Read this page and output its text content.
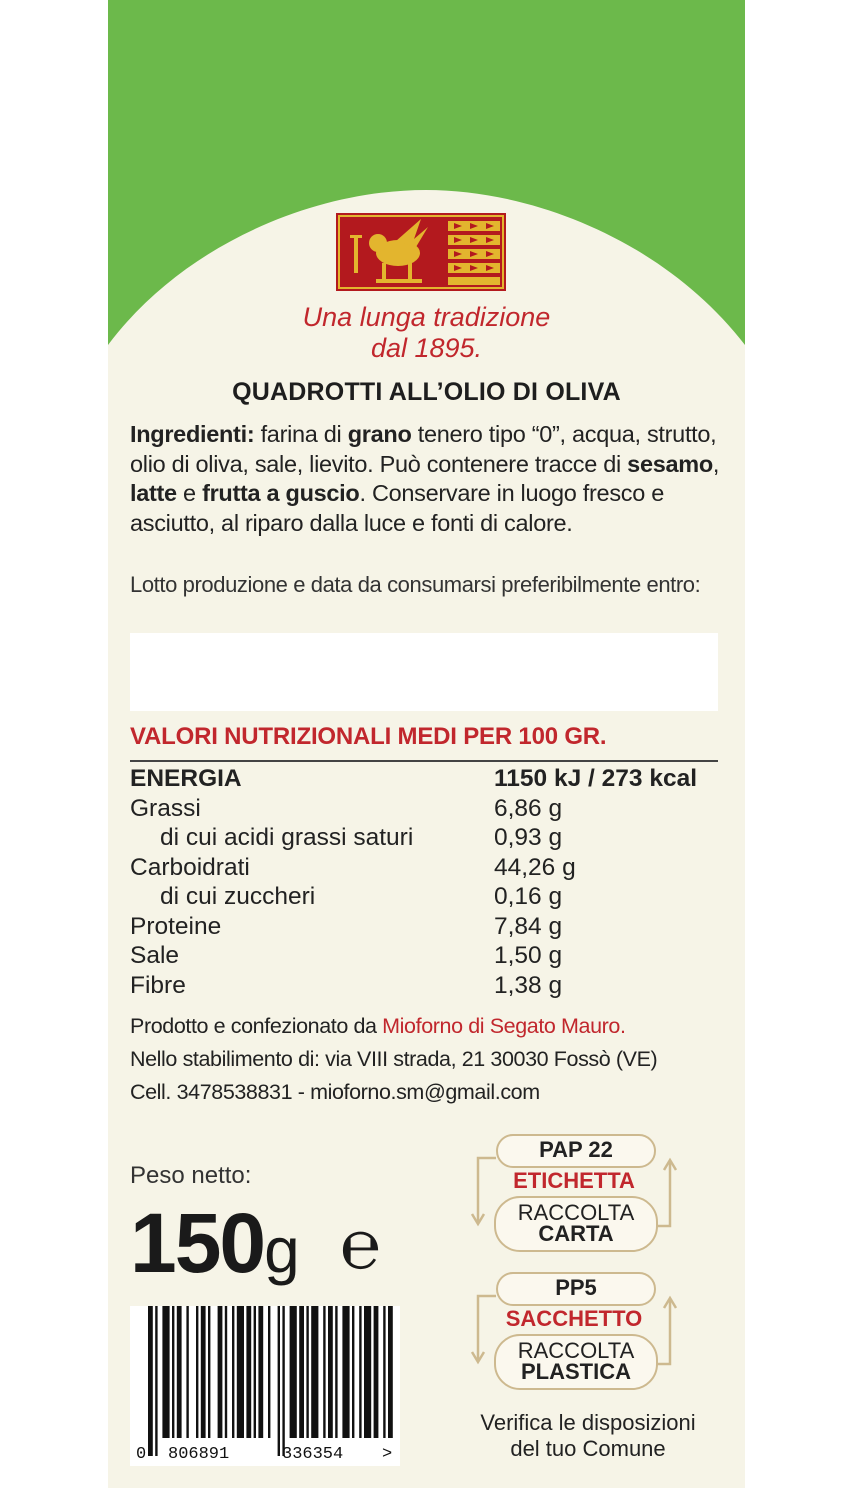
Una lunga tradizione
dal 1895.
QUADROTTI ALL’OLIO DI OLIVA
Ingredienti: farina di grano tenero tipo “0”, acqua, strutto, olio di oliva, sale, lievito. Può contenere tracce di sesamo, latte e frutta a guscio. Conservare in luogo fresco e asciutto, al riparo dalla luce e fonti di calore.
Lotto produzione e data da consumarsi preferibilmente entro:
VALORI NUTRIZIONALI MEDI PER 100 GR.
ENERGIA	1150 kJ / 273 kcal
Grassi	6,86 g
di cui acidi grassi saturi	0,93 g
Carboidrati	44,26 g
di cui zuccheri	0,16 g
Proteine	7,84 g
Sale	1,50 g
Fibre	1,38 g
Prodotto e confezionato da Mioforno di Segato Mauro.
Nello stabilimento di: via VIII strada, 21 30030 Fossò (VE)
Cell. 3478538831 - mioforno.sm@gmail.com
Peso netto:
150g ℮
0 806891	336354 >
PAP 22
ETICHETTA
RACCOLTA
CARTA
PP5
SACCHETTO
RACCOLTA
PLASTICA
Verifica le disposizioni
del tuo Comune
